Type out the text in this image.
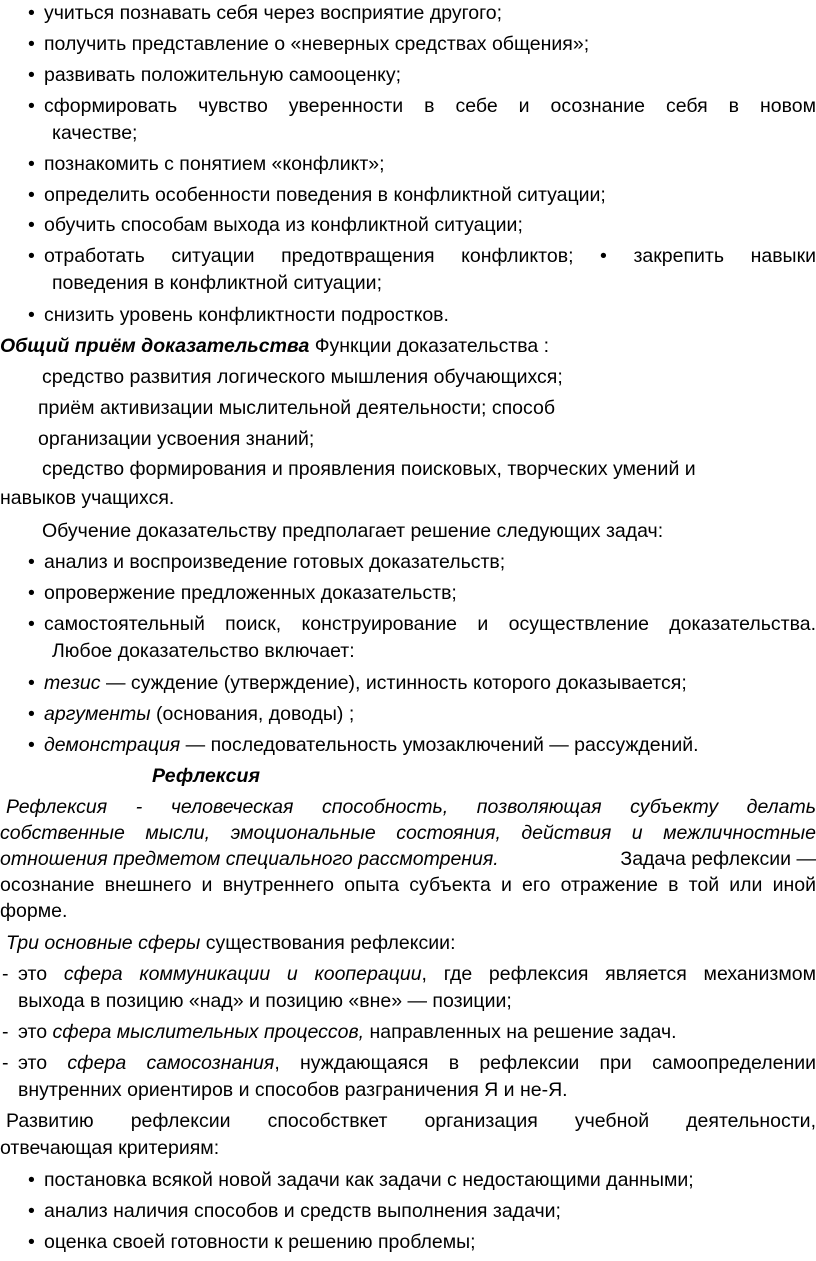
• учиться познавать себя через восприятие другого;
• получить представление о «неверных средствах общения»;
• развивать положительную самооценку;
• сформировать чувство уверенности в себе и осознание себя в новом
качестве;
• познакомить с понятием «конфликт»;
• определить особенности поведения в конфликтной ситуации;
• обучить способам выхода из конфликтной ситуации;
• отработать ситуации предотвращения конфликтов; • закрепить навыки
поведения в конфликтной ситуации;
• снизить уровень конфликтности подростков.
Общий приём доказательства Функции доказательства :
средство развития логического мышления обучающихся;
приём активизации мыслительной деятельности; способ
организации усвоения знаний;
средство формирования и проявления поисковых, творческих умений и
навыков учащихся.
Обучение доказательству предполагает решение следующих задач:
• анализ и воспроизведение готовых доказательств;
• опровержение предложенных доказательств;
• самостоятельный поиск, конструирование и осуществление доказательства.
Любое доказательство включает:
• тезис — суждение (утверждение), истинность которого доказывается;
• аргументы (основания, доводы) ;
• демонстрация — последовательность умозаключений — рассуждений.
Рефлексия
Рефлексия - человеческая способность, позволяющая субъекту делать
собственные мысли, эмоциональные состояния, действия и межличностные
отношения предметом специального рассмотрения.	Задача рефлексии —
осознание внешнего и внутреннего опыта субъекта и его отражение в той или иной
форме.
Три основные сферы существования рефлексии:
- это сфера коммуникации и кооперации, где рефлексия является механизмом
выхода в позицию «над» и позицию «вне» — позиции;
- это сфера мыслительных процессов, направленных на решение задач.
- это сфера самосознания, нуждающаяся в рефлексии при самоопределении
внутренних ориентиров и способов разграничения Я и не-Я.
Развитию рефлексии способствкет организация учебной деятельности,
отвечающая критериям:
• постановка всякой новой задачи как задачи с недостающими данными;
• анализ наличия способов и средств выполнения задачи;
• оценка своей готовности к решению проблемы;
